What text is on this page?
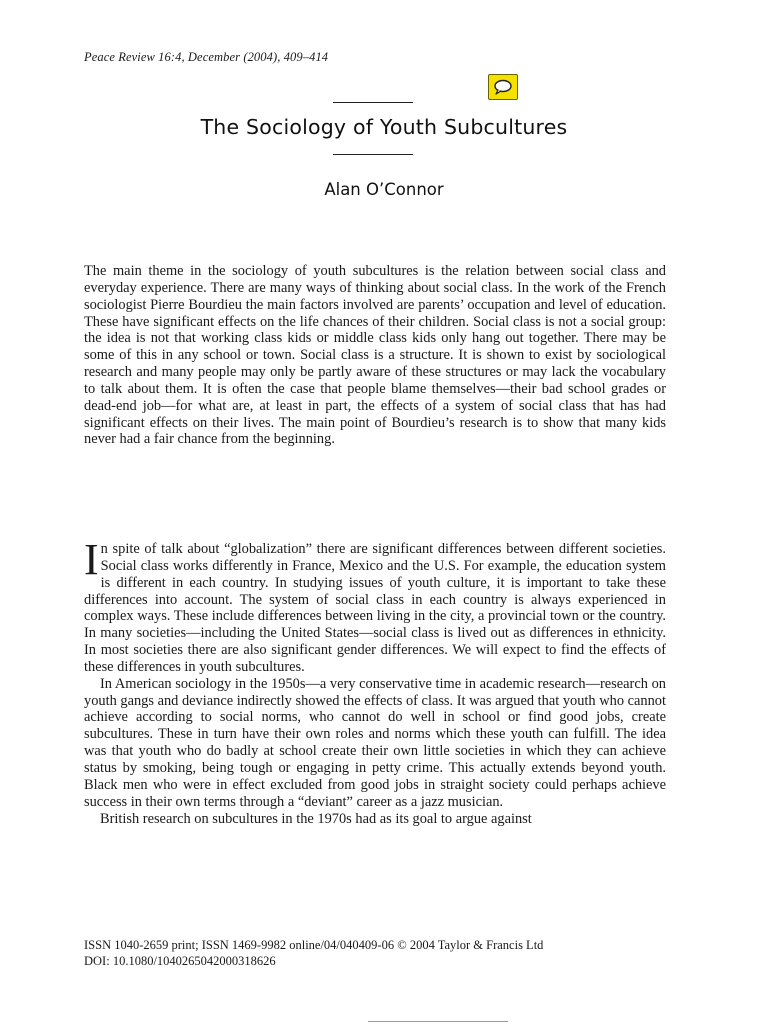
Peace Review 16:4, December (2004), 409–414
The Sociology of Youth Subcultures
Alan O’Connor

The main theme in the sociology of youth subcultures is the relation between social class and everyday experience. There are many ways of thinking about social class. In the work of the French sociologist Pierre Bourdieu the main factors involved are parents’ occupation and level of education. These have significant effects on the life chances of their children. Social class is not a social group: the idea is not that working class kids or middle class kids only hang out together. There may be some of this in any school or town. Social class is a structure. It is shown to exist by sociological research and many people may only be partly aware of these structures or may lack the vocabulary to talk about them. It is often the case that people blame themselves—their bad school grades or dead-end job—for what are, at least in part, the effects of a system of social class that has had significant effects on their lives. The main point of Bourdieu’s research is to show that many kids never had a fair chance from the beginning.

In spite of talk about “globalization” there are significant differences between different societies. Social class works differently in France, Mexico and the U.S. For example, the education system is different in each country. In studying issues of youth culture, it is important to take these differences into account. The system of social class in each country is always experienced in complex ways. These include differences between living in the city, a provincial town or the country. In many societies—including the United States—social class is lived out as differences in ethnicity. In most societies there are also significant gender differences. We will expect to find the effects of these differences in youth subcultures.

In American sociology in the 1950s—a very conservative time in academic research—research on youth gangs and deviance indirectly showed the effects of class. It was argued that youth who cannot achieve according to social norms, who cannot do well in school or find good jobs, create subcultures. These in turn have their own roles and norms which these youth can fulfill. The idea was that youth who do badly at school create their own little societies in which they can achieve status by smoking, being tough or engaging in petty crime. This actually extends beyond youth. Black men who were in effect excluded from good jobs in straight society could perhaps achieve success in their own terms through a “deviant” career as a jazz musician.

British research on subcultures in the 1970s had as its goal to argue against

ISSN 1040-2659 print; ISSN 1469-9982 online/04/040409-06 © 2004 Taylor & Francis Ltd
DOI: 10.1080/1040265042000318626
